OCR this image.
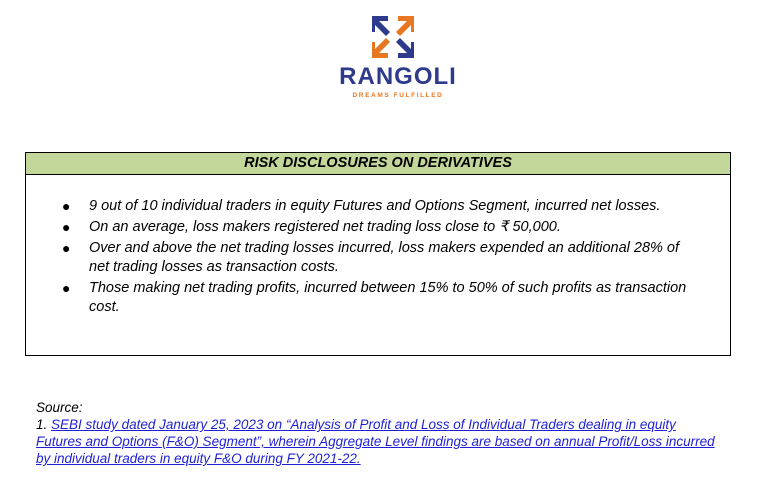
RANGOLI
DREAMS FULFILLED
RISK DISCLOSURES ON DERIVATIVES
● 9 out of 10 individual traders in equity Futures and Options Segment, incurred net losses.
● On an average, loss makers registered net trading loss close to ₹ 50,000.
● Over and above the net trading losses incurred, loss makers expended an additional 28% of net trading losses as transaction costs.
● Those making net trading profits, incurred between 15% to 50% of such profits as transaction cost.
Source:
1. SEBI study dated January 25, 2023 on “Analysis of Profit and Loss of Individual Traders dealing in equity Futures and Options (F&O) Segment”, wherein Aggregate Level findings are based on annual Profit/Loss incurred by individual traders in equity F&O during FY 2021-22.
